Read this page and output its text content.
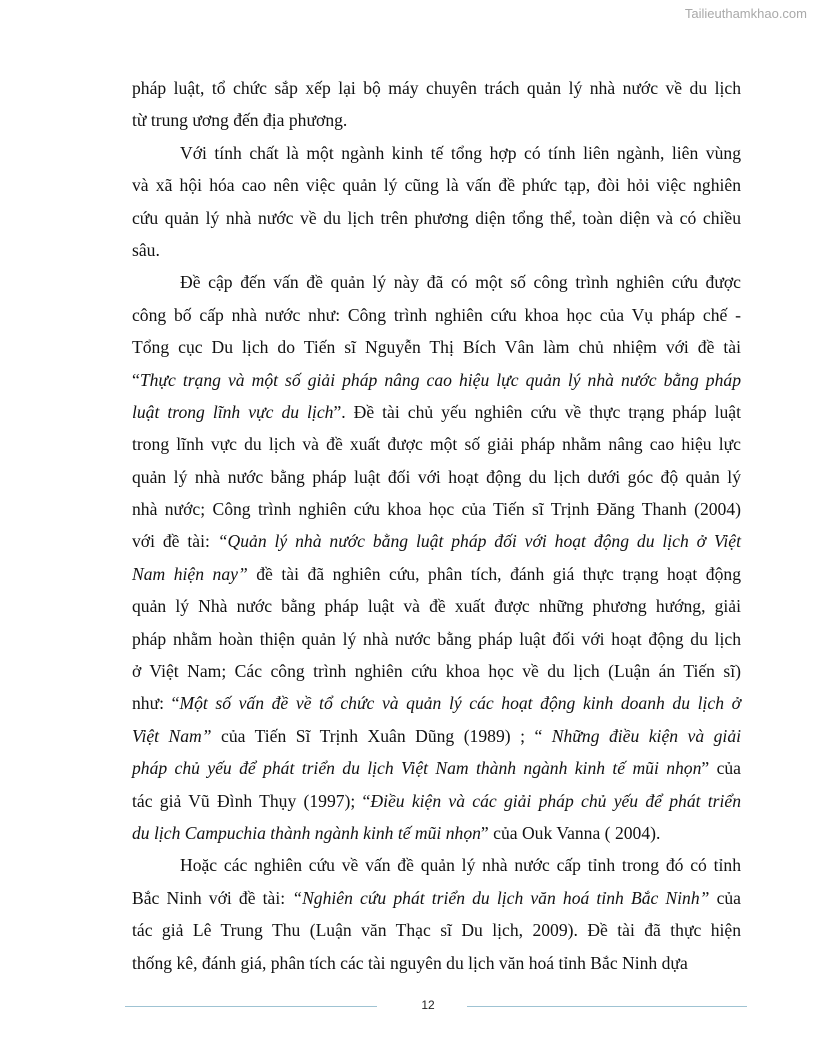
Tailieuthamkhao.com
pháp luật, tổ chức sắp xếp lại bộ máy chuyên trách quản lý nhà nước về du lịch
từ trung ương đến địa phương.
Với tính chất là một ngành kinh tế tổng hợp có tính liên ngành, liên vùng
và xã hội hóa cao nên việc quản lý cũng là vấn đề phức tạp, đòi hỏi việc nghiên
cứu quản lý nhà nước về du lịch trên phương diện tổng thể, toàn diện và có chiều
sâu.
Đề cập đến vấn đề quản lý này đã có một số công trình nghiên cứu được
công bố cấp nhà nước như: Công trình nghiên cứu khoa học của Vụ pháp chế -
Tổng cục Du lịch do Tiến sĩ Nguyễn Thị Bích Vân làm chủ nhiệm với đề tài
“Thực trạng và một số giải pháp nâng cao hiệu lực quản lý nhà nước bằng pháp
luật trong lĩnh vực du lịch”. Đề tài chủ yếu nghiên cứu về thực trạng pháp luật
trong lĩnh vực du lịch và đề xuất được một số giải pháp nhằm nâng cao hiệu lực
quản lý nhà nước bằng pháp luật đối với hoạt động du lịch dưới góc độ quản lý
nhà nước; Công trình nghiên cứu khoa học của Tiến sĩ Trịnh Đăng Thanh (2004)
với đề tài: “Quản lý nhà nước bằng luật pháp đối với hoạt động du lịch ở Việt
Nam hiện nay” đề tài đã nghiên cứu, phân tích, đánh giá thực trạng hoạt động
quản lý Nhà nước bằng pháp luật và đề xuất được những phương hướng, giải
pháp nhằm hoàn thiện quản lý nhà nước bằng pháp luật đối với hoạt động du lịch
ở Việt Nam; Các công trình nghiên cứu khoa học về du lịch (Luận án Tiến sĩ)
như: “Một số vấn đề về tổ chức và quản lý các hoạt động kinh doanh du lịch ở
Việt Nam” của Tiến Sĩ Trịnh Xuân Dũng (1989) ; “ Những điều kiện và giải
pháp chủ yếu để phát triển du lịch Việt Nam thành ngành kinh tế mũi nhọn” của
tác giả Vũ Đình Thụy (1997); “Điều kiện và các giải pháp chủ yếu để phát triển
du lịch Campuchia thành ngành kinh tế mũi nhọn” của Ouk Vanna ( 2004).
Hoặc các nghiên cứu về vấn đề quản lý nhà nước cấp tỉnh trong đó có tỉnh
Bắc Ninh với đề tài: “Nghiên cứu phát triển du lịch văn hoá tỉnh Bắc Ninh” của
tác giả Lê Trung Thu (Luận văn Thạc sĩ Du lịch, 2009). Đề tài đã thực hiện
thống kê, đánh giá, phân tích các tài nguyên du lịch văn hoá tỉnh Bắc Ninh dựa
12
